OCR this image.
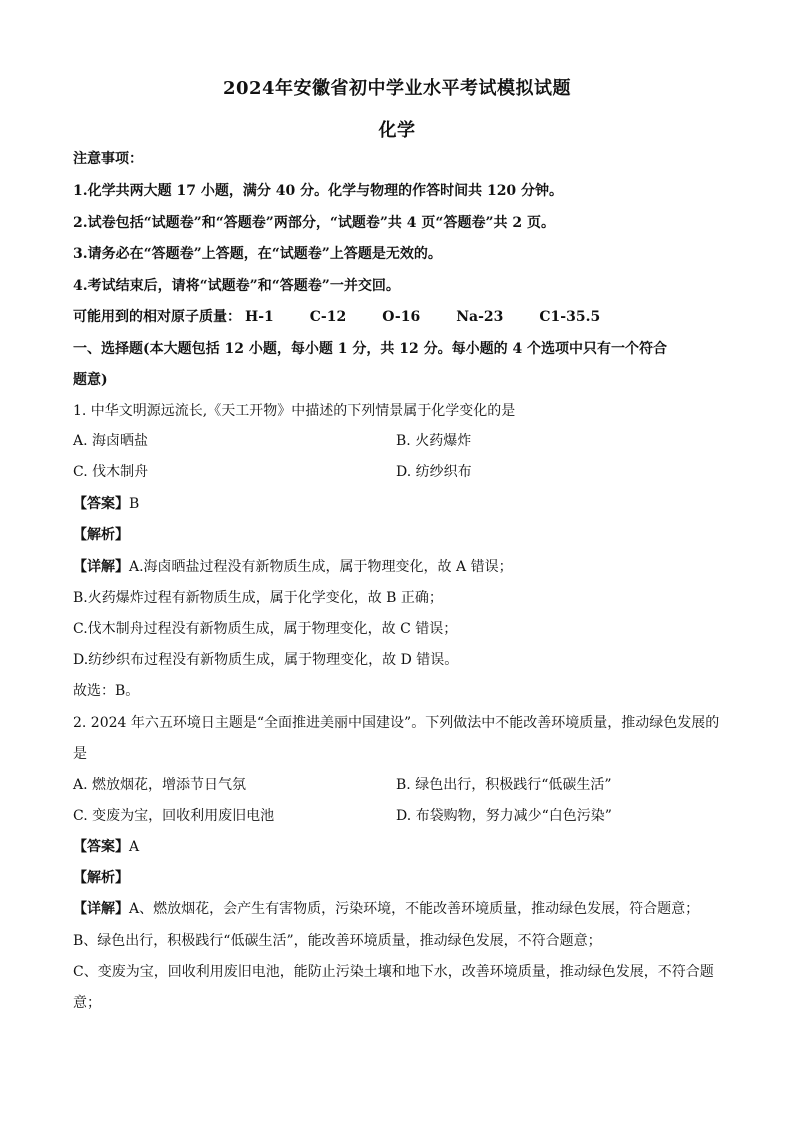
2024年安徽省初中学业水平考试模拟试题
化学
注意事项：
1.化学共两大题 17 小题，满分 40 分。化学与物理的作答时间共 120 分钟。
2.试卷包括“试题卷”和“答题卷”两部分，“试题卷”共 4 页“答题卷”共 2 页。
3.请务必在“答题卷”上答题，在“试题卷”上答题是无效的。
4.考试结束后，请将“试题卷”和“答题卷”一并交回。
可能用到的相对原子质量： H-1	C-12	O-16	Na-23	C1-35.5
一、选择题(本大题包括 12 小题，每小题 1 分，共 12 分。每小题的 4 个选项中只有一个符合
题意)
1. 中华文明源远流长,《天工开物》中描述的下列情景属于化学变化的是
A. 海卤晒盐	B. 火药爆炸
C. 伐木制舟	D. 纺纱织布
【答案】B
【解析】
【详解】A.海卤晒盐过程没有新物质生成，属于物理变化，故 A 错误；
B.火药爆炸过程有新物质生成，属于化学变化，故 B 正确；
C.伐木制舟过程没有新物质生成，属于物理变化，故 C 错误；
D.纺纱织布过程没有新物质生成，属于物理变化，故 D 错误。
故选：B。
2. 2024 年六五环境日主题是“全面推进美丽中国建设”。下列做法中不能改善环境质量，推动绿色发展的
是
A. 燃放烟花，增添节日气氛	B. 绿色出行，积极践行“低碳生活”
C. 变废为宝，回收利用废旧电池	D. 布袋购物，努力减少“白色污染”
【答案】A
【解析】
【详解】A、燃放烟花，会产生有害物质，污染环境，不能改善环境质量，推动绿色发展，符合题意；
B、绿色出行，积极践行“低碳生活”，能改善环境质量，推动绿色发展，不符合题意；
C、变废为宝，回收利用废旧电池，能防止污染土壤和地下水，改善环境质量，推动绿色发展，不符合题
意；
